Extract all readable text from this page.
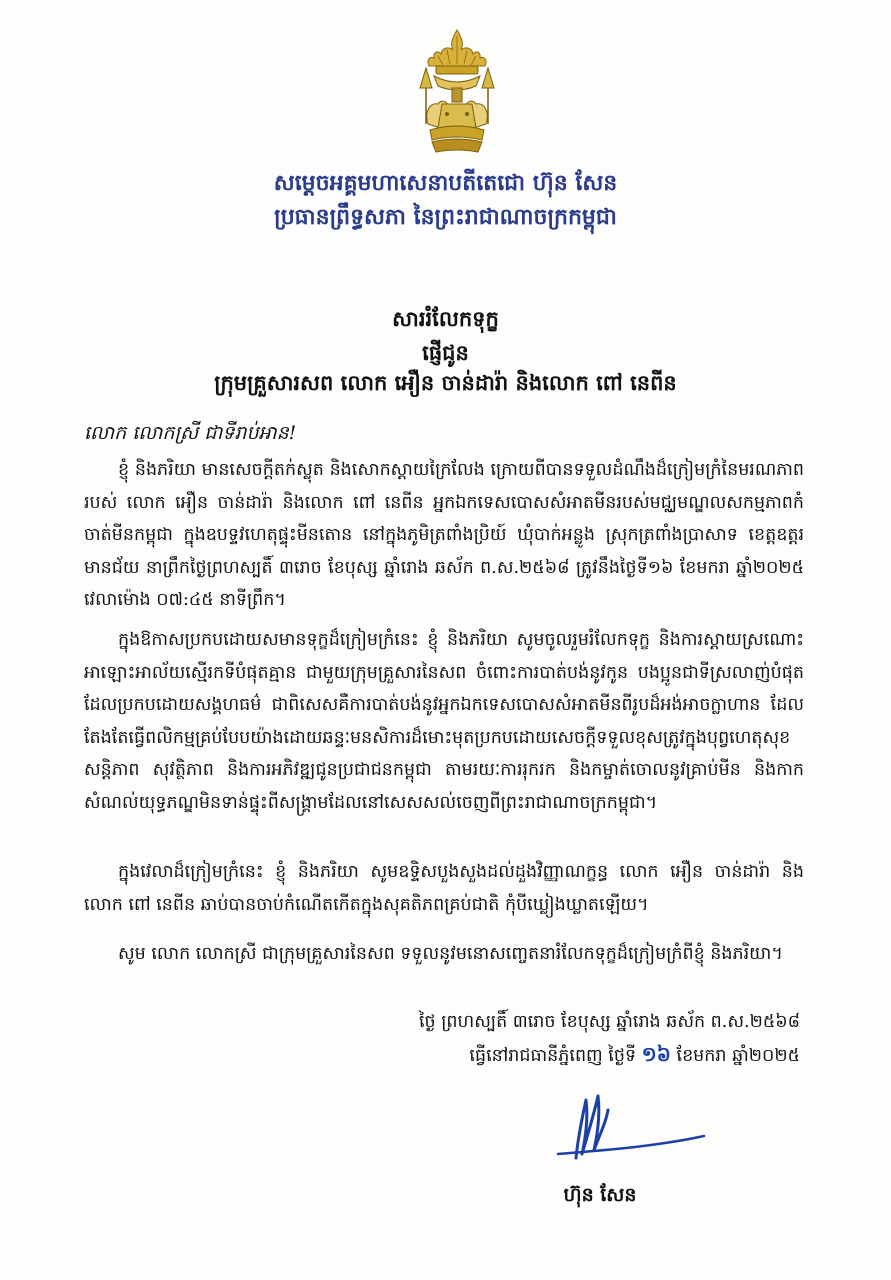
សម្តេចអគ្គមហាសេនាបតីតេជោ ហ៊ុន សែន
ប្រធានព្រឹទ្ធសភា នៃព្រះរាជាណាចក្រកម្ពុជា
សាររំលែកទុក្ខ
ផ្ញើជូន
ក្រុមគ្រួសារសព លោក អឿន ចាន់ដារ៉ា និងលោក ពៅ នេពីន
លោក លោកស្រី ជាទីរាប់អាន!

ខ្ញុំ និងភរិយា មានសេចក្តីតក់ស្លុត និងសោកស្តាយក្រៃលែង ក្រោយពីបានទទួលដំណឹងដ៏ក្រៀមក្រំនៃមរណភាពរបស់ លោក អឿន ចាន់ដារ៉ា និងលោក ពៅ នេពីន អ្នកឯកទេសបោសសំអាតមីនរបស់មជ្ឈមណ្ឌលសកម្មភាពកំចាត់មីនកម្ពុជា ក្នុងឧបទ្ទវហេតុផ្ទុះមីនតោន នៅក្នុងភូមិត្រពាំងប្រិយ៍ ឃុំបាក់អន្លូង ស្រុកត្រពាំងប្រាសាទ ខេត្តឧត្តរមានជ័យ នាព្រឹកថ្ងៃព្រហស្បតិ៍ ៣រោច ខែបុស្ស ឆ្នាំរោង ឆស័ក ព.ស.២៥៦៨ ត្រូវនឹងថ្ងៃទី១៦ ខែមករា ឆ្នាំ២០២៥ វេលាម៉ោង ០៧:៤៥ នាទីព្រឹក។

ក្នុងឱកាសប្រកបដោយសមានទុក្ខដ៏ក្រៀមក្រំនេះ ខ្ញុំ និងភរិយា សូមចូលរួមរំលែកទុក្ខ និងការស្តាយស្រណោះ អាឡោះអាល័យស្មើរកទីបំផុតគ្មាន ជាមួយក្រុមគ្រួសារនៃសព ចំពោះការបាត់បង់នូវកូន បងប្អូនជាទីស្រលាញ់បំផុត ដែលប្រកបដោយសង្គហធម៌ ជាពិសេសគឺការបាត់បង់នូវអ្នកឯកទេសបោសសំអាតមីនពីរូបដ៏អង់អាចក្លាហាន ដែលតែងតែធ្វើពលិកម្មគ្រប់បែបយ៉ាងដោយឆន្ទៈមនសិការដ៏មោះមុតប្រកបដោយសេចក្តីទទួលខុសត្រូវក្នុងបុព្វហេតុសុខសន្តិភាព សុវត្ថិភាព និងការអភិវឌ្ឍជូនប្រជាជនកម្ពុជា តាមរយៈការរុករក និងកម្ចាត់ចោលនូវគ្រាប់មីន និងកាកសំណល់យុទ្ធភណ្ឌមិនទាន់ផ្ទុះពីសង្គ្រាមដែលនៅសេសសល់ចេញពីព្រះរាជាណាចក្រកម្ពុជា។

ក្នុងវេលាដ៏ក្រៀមក្រំនេះ ខ្ញុំ និងភរិយា សូមឧទ្ទិសបួងសួងដល់ដួងវិញ្ញាណក្ខន្ធ លោក អឿន ចាន់ដារ៉ា និង លោក ពៅ នេពីន ឆាប់បានចាប់កំណើតកើតក្នុងសុគតិភពគ្រប់ជាតិ កុំបីឃ្លៀងឃ្លាតឡើយ។

សូម លោក លោកស្រី ជាក្រុមគ្រួសារនៃសព ទទួលនូវមនោសញ្ចេតនារំលែកទុក្ខដ៏ក្រៀមក្រំពីខ្ញុំ និងភរិយា។

ថ្ងៃ ព្រហស្បតិ៍ ៣រោច ខែបុស្ស ឆ្នាំរោង ឆស័ក ព.ស.២៥៦៨
ធ្វើនៅរាជធានីភ្នំពេញ ថ្ងៃទី ១៦ ខែមករា ឆ្នាំ២០២៥
ហ៊ុន សែន
